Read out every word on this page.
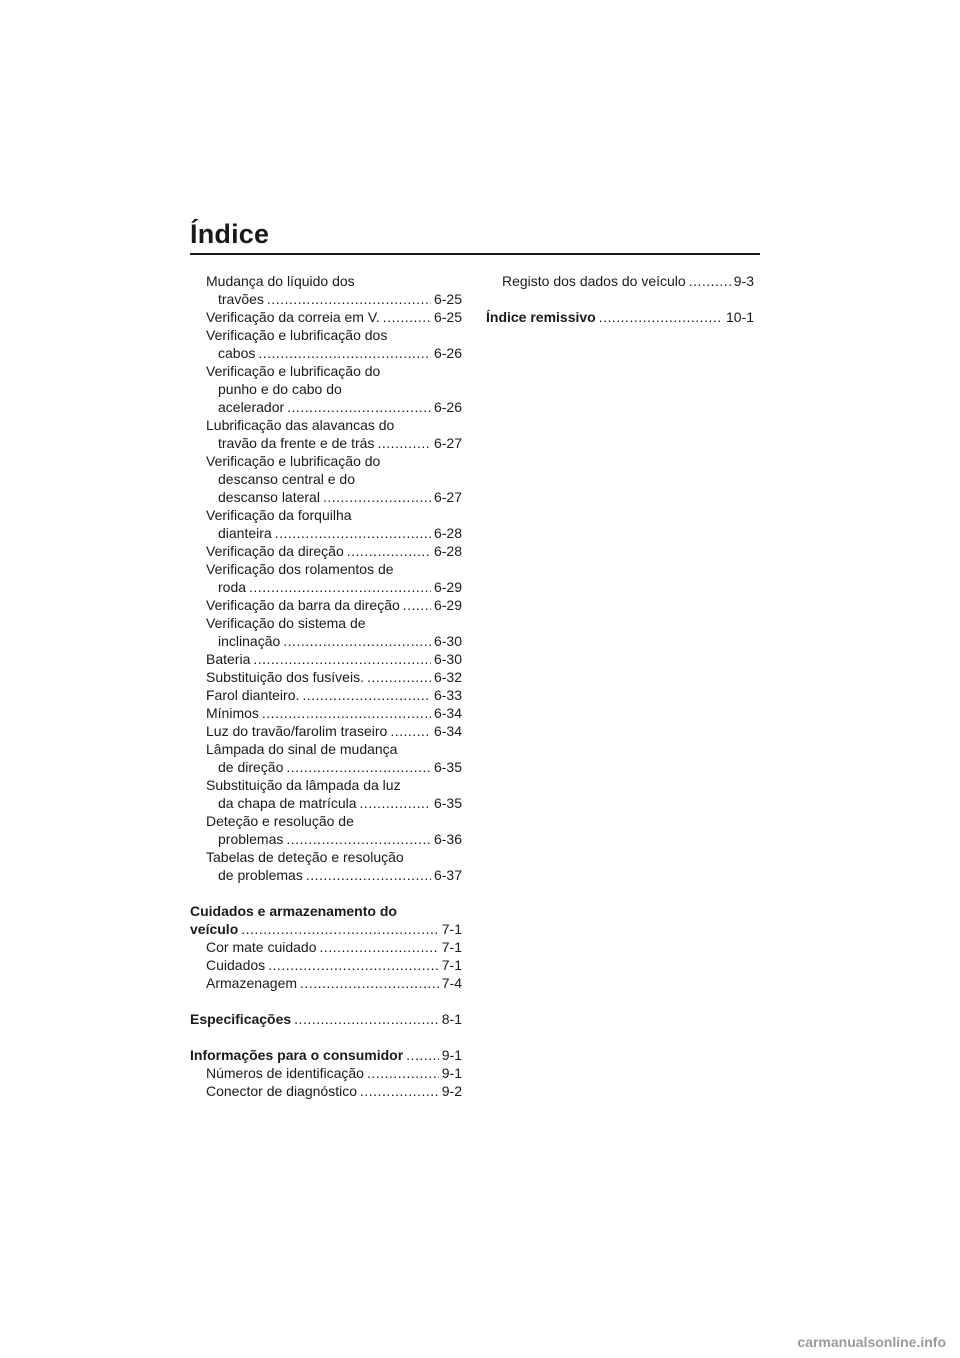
Índice
Mudança do líquido dos
travões .....	6-25
Verificação da correia em V. .....	6-25
Verificação e lubrificação dos
cabos .....	6-26
Verificação e lubrificação do
punho e do cabo do
acelerador .....	6-26
Lubrificação das alavancas do
travão da frente e de trás .....	6-27
Verificação e lubrificação do
descanso central e do
descanso lateral .....	6-27
Verificação da forquilha
dianteira .....	6-28
Verificação da direção .....	6-28
Verificação dos rolamentos de
roda .....	6-29
Verificação da barra da direção ..... 6-29
Verificação do sistema de
inclinação .....	6-30
Bateria .....	6-30
Substituição dos fusíveis. .....	6-32
Farol dianteiro. .....	6-33
Mínimos .....	6-34
Luz do travão/farolim traseiro .....	6-34
Lâmpada do sinal de mudança
de direção .....	6-35
Substituição da lâmpada da luz
da chapa de matrícula .....	6-35
Deteção e resolução de
problemas .....	6-36
Tabelas de deteção e resolução
de problemas .....	6-37
Cuidados e armazenamento do
veículo .....	7-1
Cor mate cuidado .....	7-1
Cuidados .....	7-1
Armazenagem .....	7-4
Especificações .....	8-1
Informações para o consumidor .....	9-1
Números de identificação .....	9-1
Conector de diagnóstico .....	9-2
Registo dos dados do veículo .....	9-3
Índice remissivo .....	10-1
carmanualsonline.info
